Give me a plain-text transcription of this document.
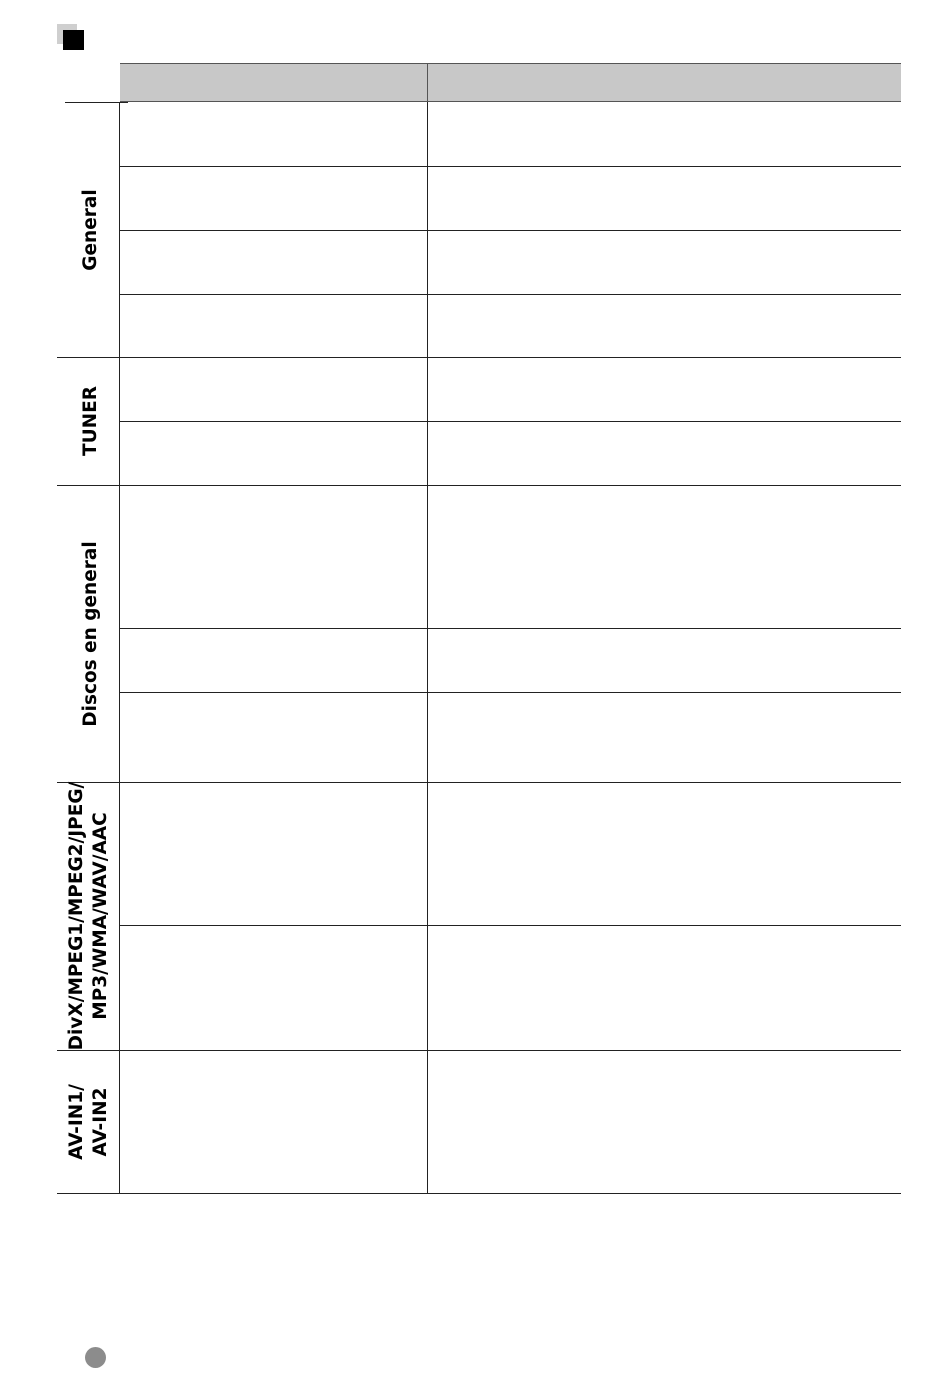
General
TUNER
Discos en general
DivX/MPEG1/MPEG2/JPEG/ MP3/WMA/WAV/AAC
AV-IN1/ AV-IN2
